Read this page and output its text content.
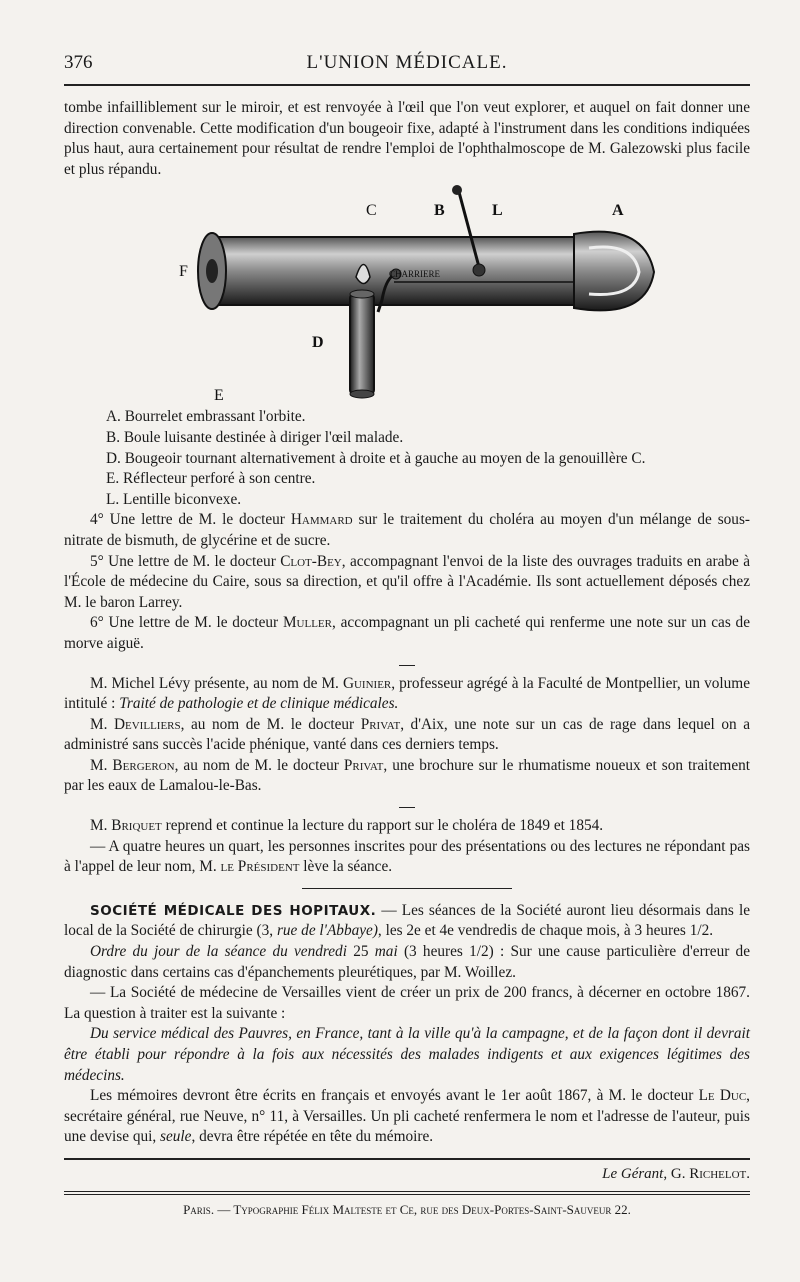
376	L'UNION MÉDICALE.

tombe infailliblement sur le miroir, et est renvoyée à l'œil que l'on veut explorer, et auquel on fait donner une direction convenable. Cette modification d'un bougeoir fixe, adapté à l'instrument dans les conditions indiquées plus haut, aura certainement pour résultat de rendre l'emploi de l'ophthalmoscope de M. Galezowski plus facile et plus répandu.

CHARRIERE
C	B	L	A
F
D
E

A. Bourrelet embrassant l'orbite.

B. Boule luisante destinée à diriger l'œil malade.

D. Bougeoir tournant alternativement à droite et à gauche au moyen de la genouillère C.

E. Réflecteur perforé à son centre.

L. Lentille biconvexe.

4° Une lettre de M. le docteur Hammard sur le traitement du choléra au moyen d'un mélange de sous-nitrate de bismuth, de glycérine et de sucre.

5° Une lettre de M. le docteur Clot-Bey, accompagnant l'envoi de la liste des ouvrages traduits en arabe à l'École de médecine du Caire, sous sa direction, et qu'il offre à l'Académie. Ils sont actuellement déposés chez M. le baron Larrey.

6° Une lettre de M. le docteur Muller, accompagnant un pli cacheté qui renferme une note sur un cas de morve aiguë.

M. Michel Lévy présente, au nom de M. Guinier, professeur agrégé à la Faculté de Montpellier, un volume intitulé : Traité de pathologie et de clinique médicales.

M. Devilliers, au nom de M. le docteur Privat, d'Aix, une note sur un cas de rage dans lequel on a administré sans succès l'acide phénique, vanté dans ces derniers temps.

M. Bergeron, au nom de M. le docteur Privat, une brochure sur le rhumatisme noueux et son traitement par les eaux de Lamalou-le-Bas.

M. Briquet reprend et continue la lecture du rapport sur le choléra de 1849 et 1854.

— A quatre heures un quart, les personnes inscrites pour des présentations ou des lectures ne répondant pas à l'appel de leur nom, M. le Président lève la séance.

SOCIÉTÉ MÉDICALE DES HOPITAUX. — Les séances de la Société auront lieu désormais dans le local de la Société de chirurgie (3, rue de l'Abbaye), les 2e et 4e vendredis de chaque mois, à 3 heures 1/2.

Ordre du jour de la séance du vendredi 25 mai (3 heures 1/2) : Sur une cause particulière d'erreur de diagnostic dans certains cas d'épanchements pleurétiques, par M. Woillez.

— La Société de médecine de Versailles vient de créer un prix de 200 francs, à décerner en octobre 1867. La question à traiter est la suivante :

Du service médical des Pauvres, en France, tant à la ville qu'à la campagne, et de la façon dont il devrait être établi pour répondre à la fois aux nécessités des malades indigents et aux exigences légitimes des médecins.

Les mémoires devront être écrits en français et envoyés avant le 1er août 1867, à M. le docteur Le Duc, secrétaire général, rue Neuve, n° 11, à Versailles. Un pli cacheté renfermera le nom et l'adresse de l'auteur, puis une devise qui, seule, devra être répétée en tête du mémoire.

Le Gérant, G. Richelot.
Paris. — Typographie Félix Malteste et Ce, rue des Deux-Portes-Saint-Sauveur 22.
